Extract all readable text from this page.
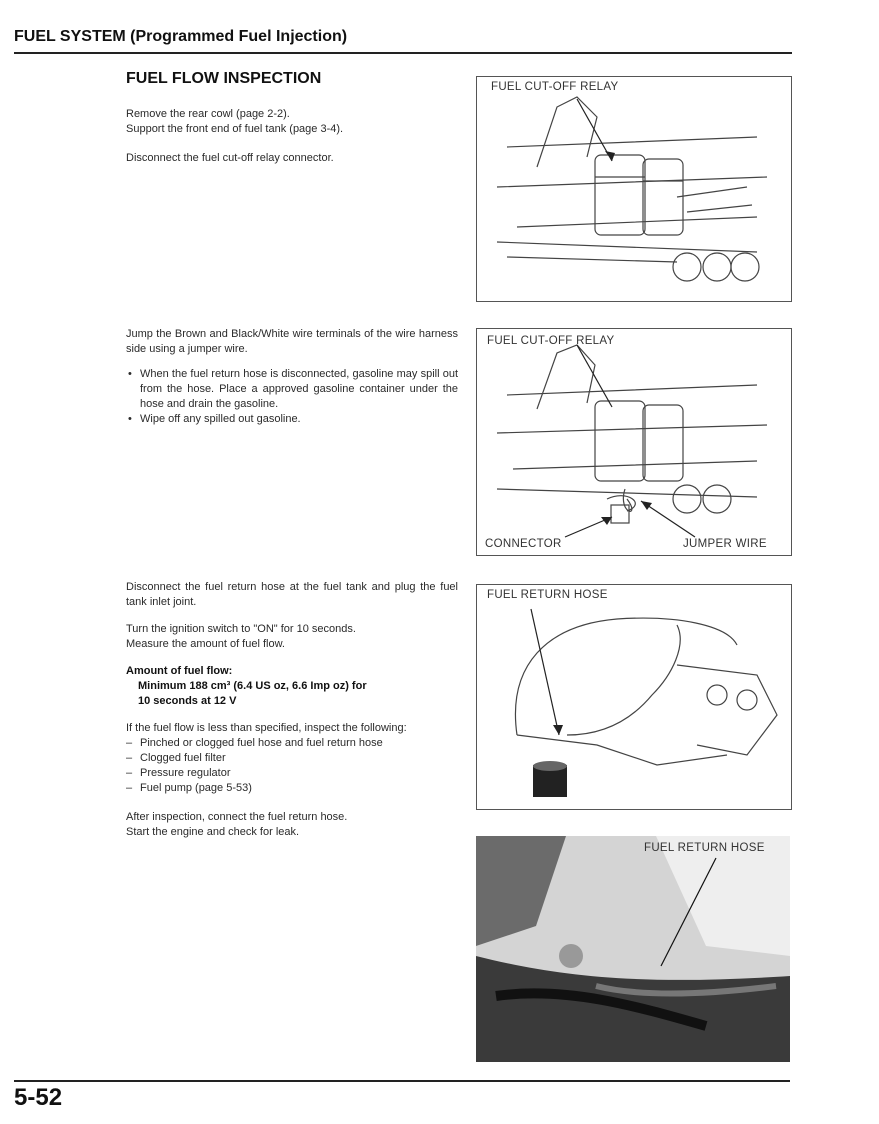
FUEL SYSTEM (Programmed Fuel Injection)
FUEL FLOW INSPECTION

Remove the rear cowl (page 2-2).

Support the front end of fuel tank (page 3-4).

Disconnect the fuel cut-off relay connector.

Jump the Brown and Black/White wire terminals of the wire harness side using a jumper wire.

• When the fuel return hose is disconnected, gasoline may spill out from the hose. Place a approved gasoline container under the hose and drain the gasoline.
• Wipe off any spilled out gasoline.

Disconnect the fuel return hose at the fuel tank and plug the fuel tank inlet joint.

Turn the ignition switch to "ON" for 10 seconds.

Measure the amount of fuel flow.

Amount of fuel flow:

Minimum 188 cm³ (6.4 US oz, 6.6 Imp oz) for

10 seconds at 12 V

If the fuel flow is less than specified, inspect the following:

– Pinched or clogged fuel hose and fuel return hose
– Clogged fuel filter
– Pressure regulator
– Fuel pump (page 5-53)

After inspection, connect the fuel return hose.

Start the engine and check for leak.

FUEL CUT-OFF RELAY
FUEL CUT-OFF RELAY
CONNECTOR	JUMPER WIRE
FUEL RETURN HOSE
FUEL RETURN HOSE
5-52
